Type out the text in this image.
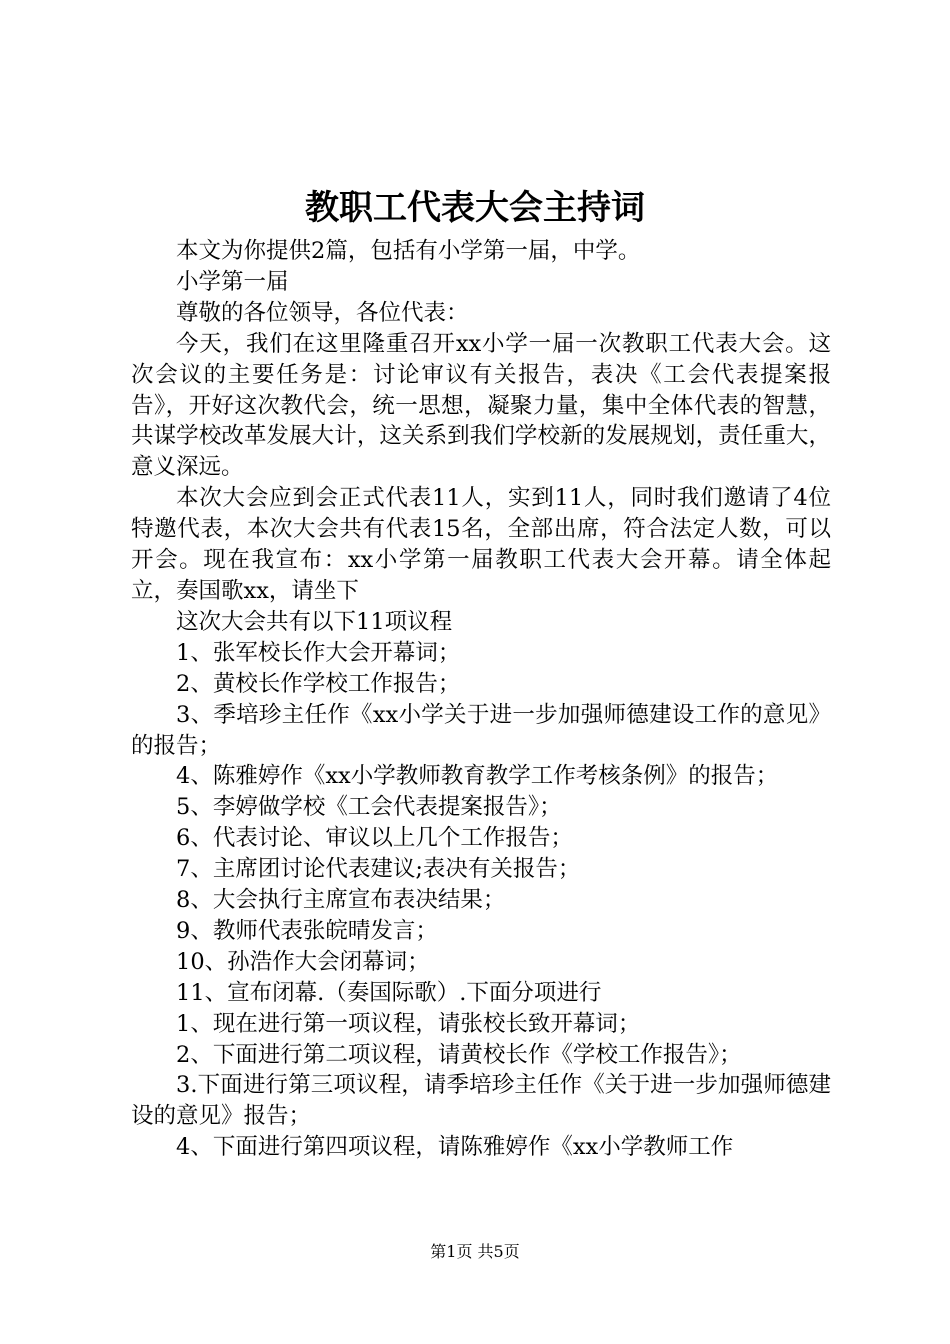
教职工代表大会主持词

本文为你提供2篇，包括有小学第一届，中学。

小学第一届

尊敬的各位领导，各位代表：

今天，我们在这里隆重召开xx小学一届一次教职工代表大会。这次会议的主要任务是：讨论审议有关报告，表决《工会代表提案报告》，开好这次教代会，统一思想，凝聚力量，集中全体代表的智慧，共谋学校改革发展大计，这关系到我们学校新的发展规划，责任重大，意义深远。

本次大会应到会正式代表11人，实到11人，同时我们邀请了4位特邀代表，本次大会共有代表15名，全部出席，符合法定人数，可以开会。现在我宣布：xx小学第一届教职工代表大会开幕。请全体起立，奏国歌xx，请坐下

这次大会共有以下11项议程

1、张军校长作大会开幕词；

2、黄校长作学校工作报告；

3、季培珍主任作《xx小学关于进一步加强师德建设工作的意见》的报告；

4、陈雅婷作《xx小学教师教育教学工作考核条例》的报告；

5、李婷做学校《工会代表提案报告》；

6、代表讨论、审议以上几个工作报告；

7、主席团讨论代表建议;表决有关报告；

8、大会执行主席宣布表决结果；

9、教师代表张皖晴发言；

10、孙浩作大会闭幕词；

11、宣布闭幕.（奏国际歌）.下面分项进行

1、现在进行第一项议程，请张校长致开幕词；

2、下面进行第二项议程，请黄校长作《学校工作报告》；

3.下面进行第三项议程，请季培珍主任作《关于进一步加强师德建设的意见》报告；

4、下面进行第四项议程，请陈雅婷作《xx小学教师工作

第1页 共5页
